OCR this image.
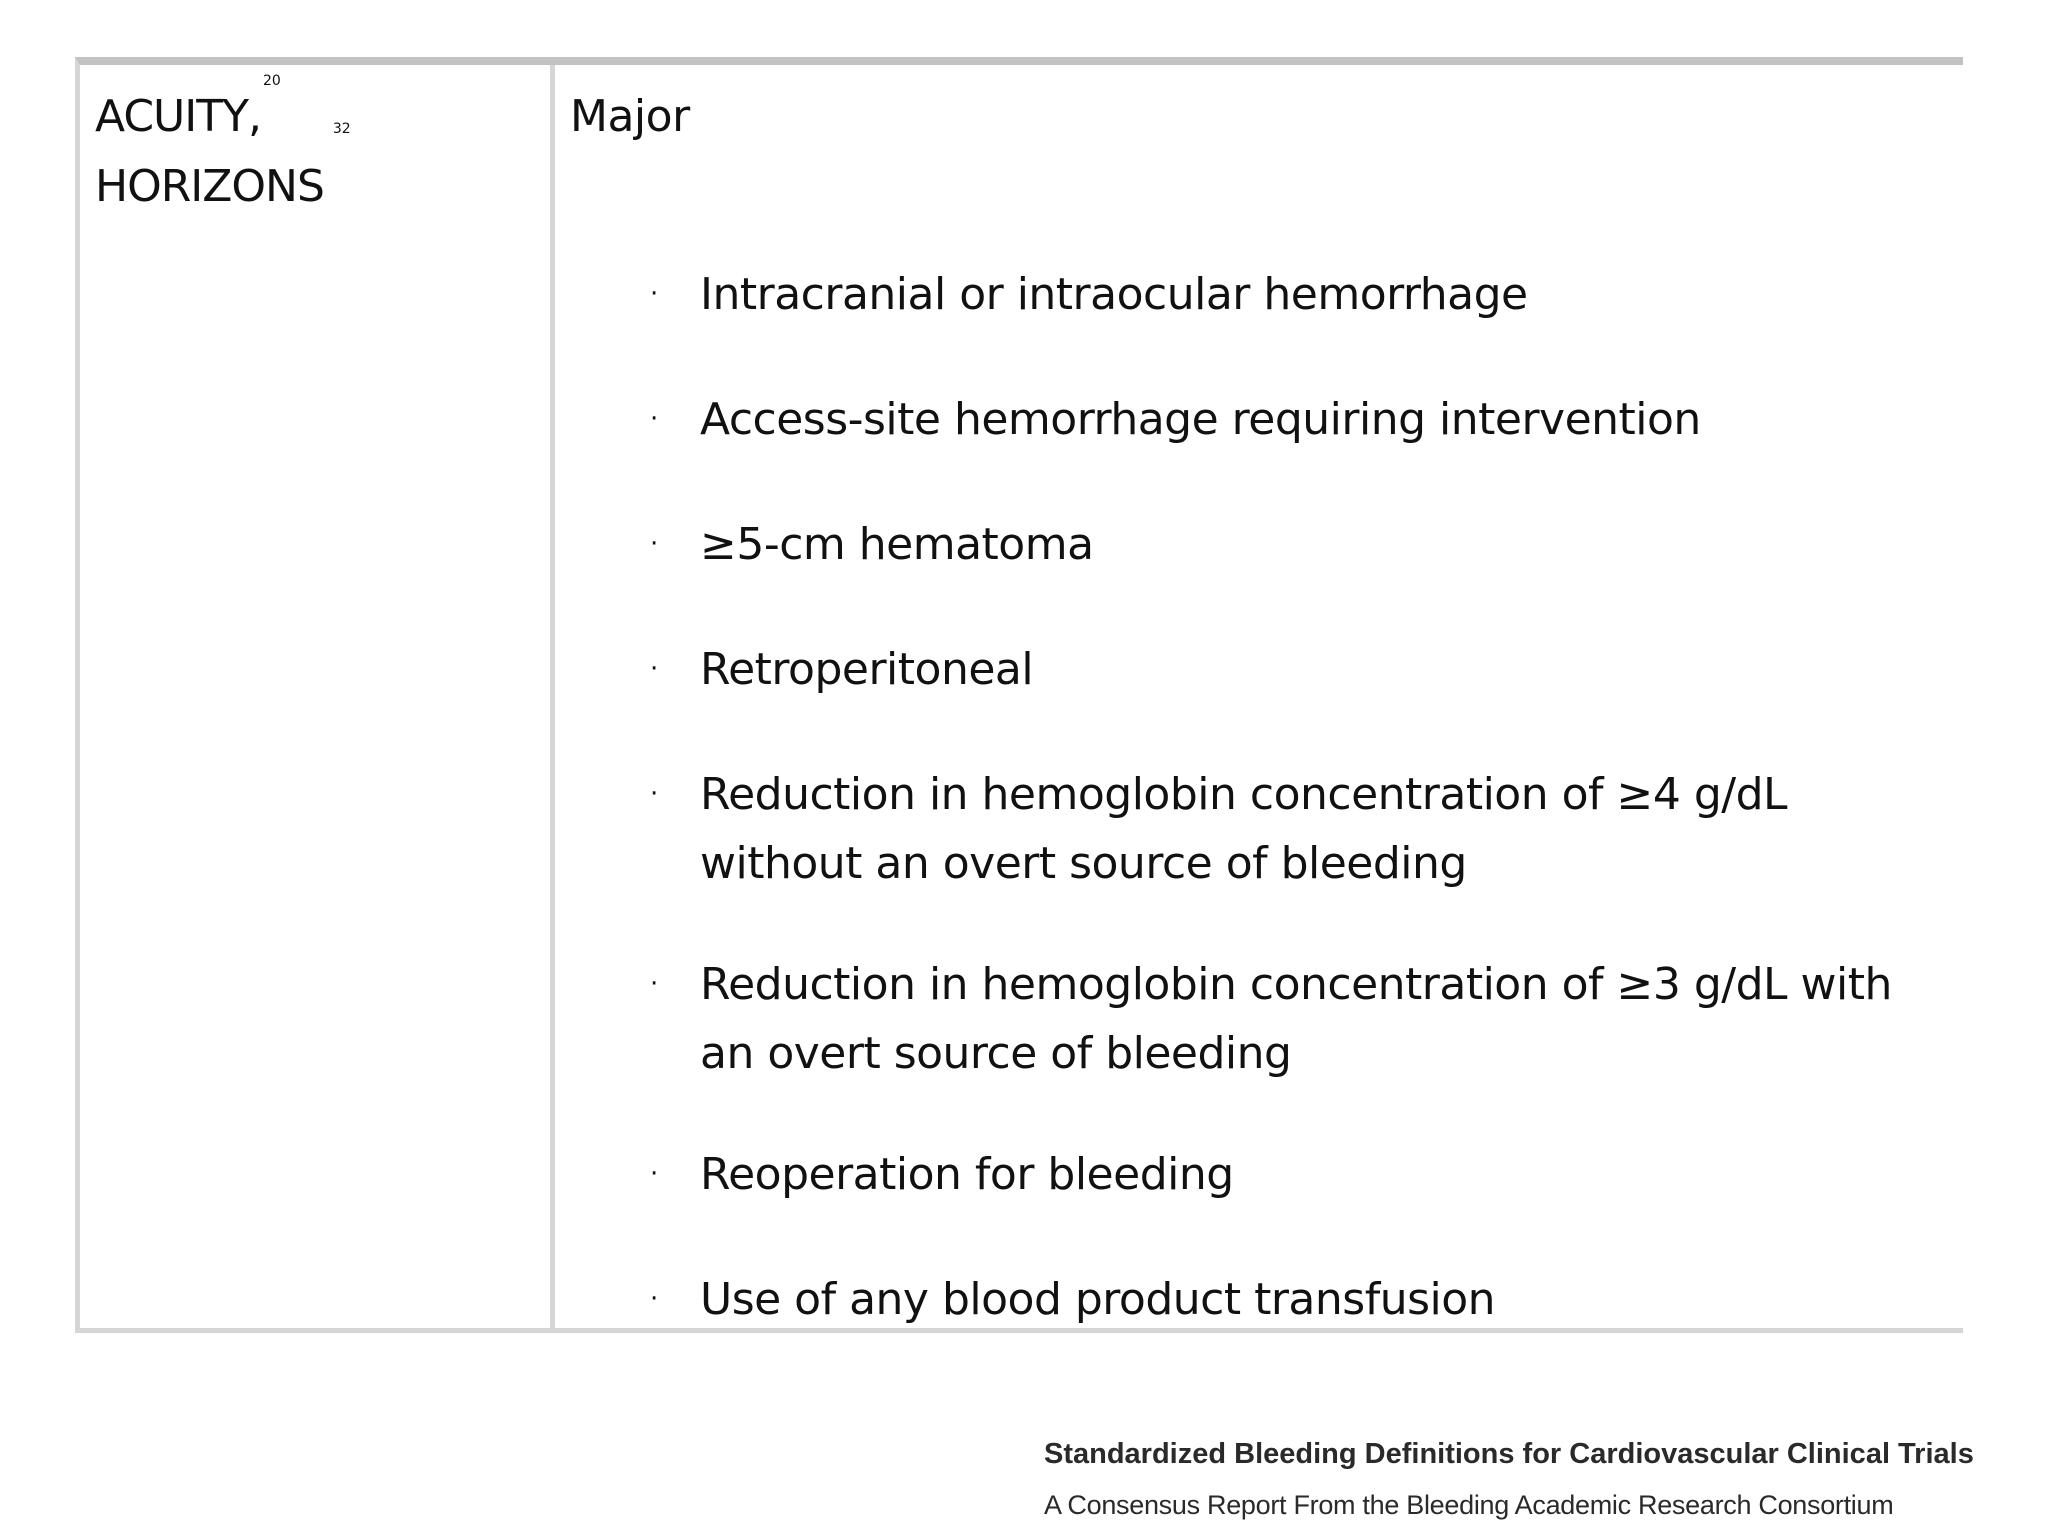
ACUITY,$^{20}$32
HORIZONS
Major
· Intracranial or intraocular hemorrhage
· Access-site hemorrhage requiring intervention
· ≥5-cm hematoma
· Retroperitoneal
· Reduction in hemoglobin concentration of ≥4 g/dL without an overt source of bleeding
· Reduction in hemoglobin concentration of ≥3 g/dL with an overt source of bleeding
· Reoperation for bleeding
· Use of any blood product transfusion
Standardized Bleeding Definitions for Cardiovascular Clinical Trials
A Consensus Report From the Bleeding Academic Research Consortium
